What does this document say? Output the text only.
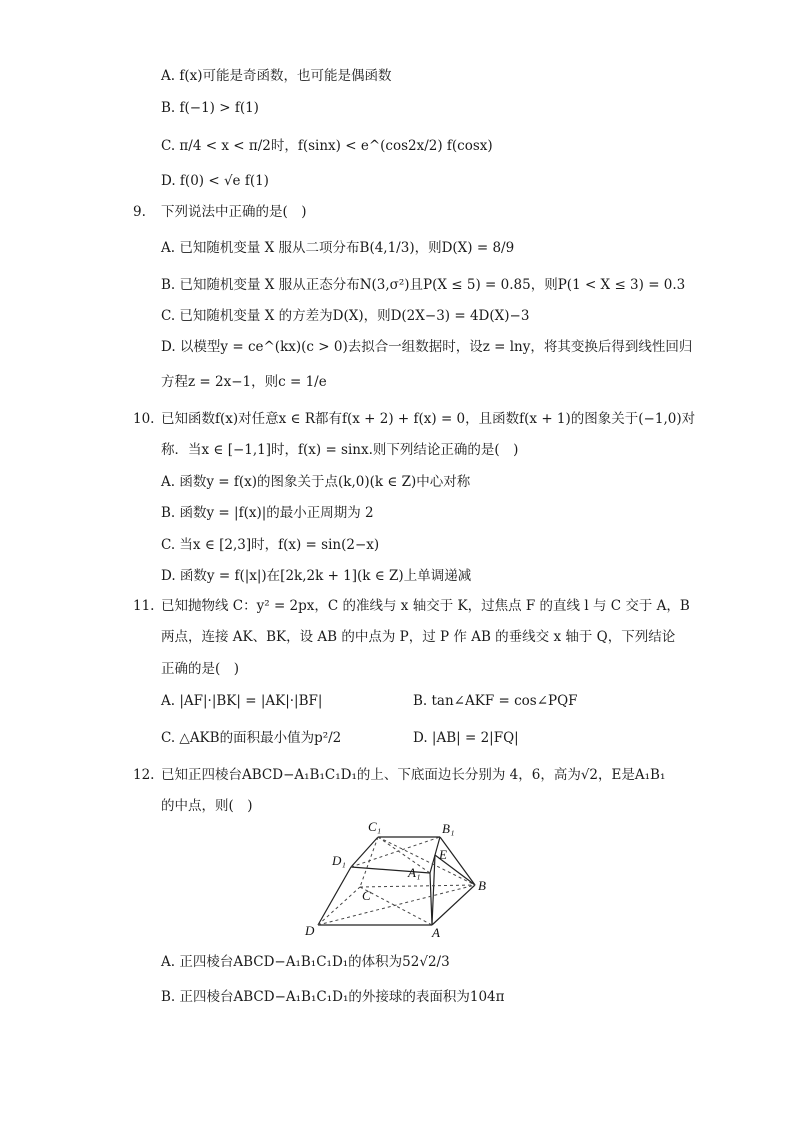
A. f(x)可能是奇函数，也可能是偶函数
B. f(−1) > f(1)
C. π/4 < x < π/2时，f(sinx) < e^(cos2x/2) f(cosx)
D. f(0) < √e f(1)
9. 下列说法中正确的是(　)
A. 已知随机变量 X 服从二项分布B(4,1/3)，则D(X) = 8/9
B. 已知随机变量 X 服从正态分布N(3,σ²)且P(X ≤ 5) = 0.85，则P(1 < X ≤ 3) = 0.3
C. 已知随机变量 X 的方差为D(X)，则D(2X−3) = 4D(X)−3
D. 以模型y = ce^(kx)(c > 0)去拟合一组数据时，设z = lny，将其变换后得到线性回归
方程z = 2x−1，则c = 1/e
10. 已知函数f(x)对任意x ∈ R都有f(x + 2) + f(x) = 0，且函数f(x + 1)的图象关于(−1,0)对
称．当x ∈ [−1,1]时，f(x) = sinx.则下列结论正确的是(　)
A. 函数y = f(x)的图象关于点(k,0)(k ∈ Z)中心对称
B. 函数y = |f(x)|的最小正周期为 2
C. 当x ∈ [2,3]时，f(x) = sin(2−x)
D. 函数y = f(|x|)在[2k,2k + 1](k ∈ Z)上单调递减
11. 已知抛物线 C：y² = 2px，C 的准线与 x 轴交于 K，过焦点 F 的直线 l 与 C 交于 A，B
两点，连接 AK、BK，设 AB 的中点为 P，过 P 作 AB 的垂线交 x 轴于 Q，下列结论
正确的是(　)
A. |AF|·|BK| = |AK|·|BF|	B. tan∠AKF = cos∠PQF
C. △AKB的面积最小值为p²/2	D. |AB| = 2|FQ|
12. 已知正四棱台ABCD−A₁B₁C₁D₁的上、下底面边长分别为 4，6，高为√2，E是A₁B₁
的中点，则(　)
C₁	B₁
D₁
A₁
E
C
B
D	A
A. 正四棱台ABCD−A₁B₁C₁D₁的体积为52√2/3
B. 正四棱台ABCD−A₁B₁C₁D₁的外接球的表面积为104π
